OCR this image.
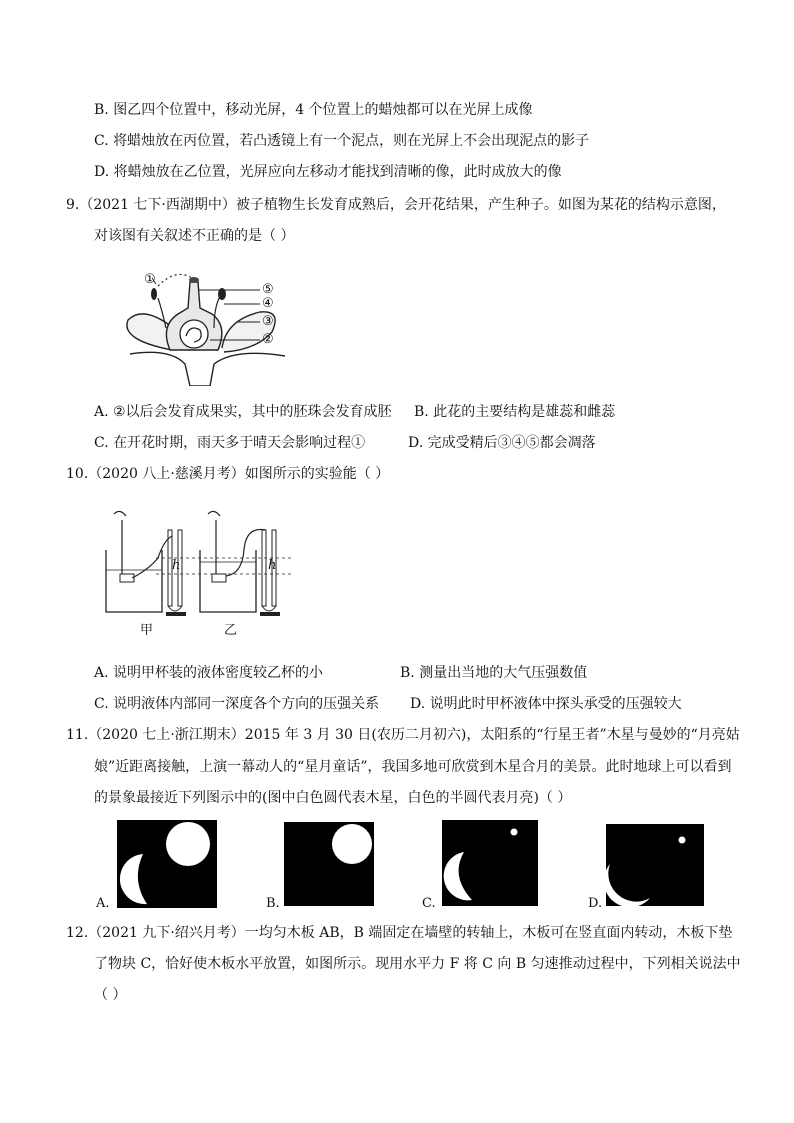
B. 图乙四个位置中，移动光屏，4 个位置上的蜡烛都可以在光屏上成像
C. 将蜡烛放在丙位置，若凸透镜上有一个泥点，则在光屏上不会出现泥点的影子
D. 将蜡烛放在乙位置，光屏应向左移动才能找到清晰的像，此时成放大的像
9.（2021 七下·西湖期中）被子植物生长发育成熟后，会开花结果，产生种子。如图为某花的结构示意图，
对该图有关叙述不正确的是（ ）
①
⑤
④
③
②
A. ②以后会发育成果实，其中的胚珠会发育成胚 B. 此花的主要结构是雄蕊和雌蕊
C. 在开花时期，雨天多于晴天会影响过程①	D. 完成受精后③④⑤都会凋落
10.（2020 八上·慈溪月考）如图所示的实验能（ ）
h	h
甲	乙
A. 说明甲杯装的液体密度较乙杯的小	B. 测量出当地的大气压强数值
C. 说明液体内部同一深度各个方向的压强关系 D. 说明此时甲杯液体中探头承受的压强较大
11.（2020 七上·浙江期末）2015 年 3 月 30 日(农历二月初六)，太阳系的“行星王者”木星与曼妙的“月亮姑
娘”近距离接触，上演一幕动人的“星月童话”，我国多地可欣赏到木星合月的美景。此时地球上可以看到
的景象最接近下列图示中的(图中白色圆代表木星，白色的半圆代表月亮)（ ）
A.	B.	C.	D.
12.（2021 九下·绍兴月考）一均匀木板 AB，B 端固定在墙壁的转轴上，木板可在竖直面内转动，木板下垫
了物块 C，恰好使木板水平放置，如图所示。现用水平力 F 将 C 向 B 匀速推动过程中，下列相关说法中
（ ）
